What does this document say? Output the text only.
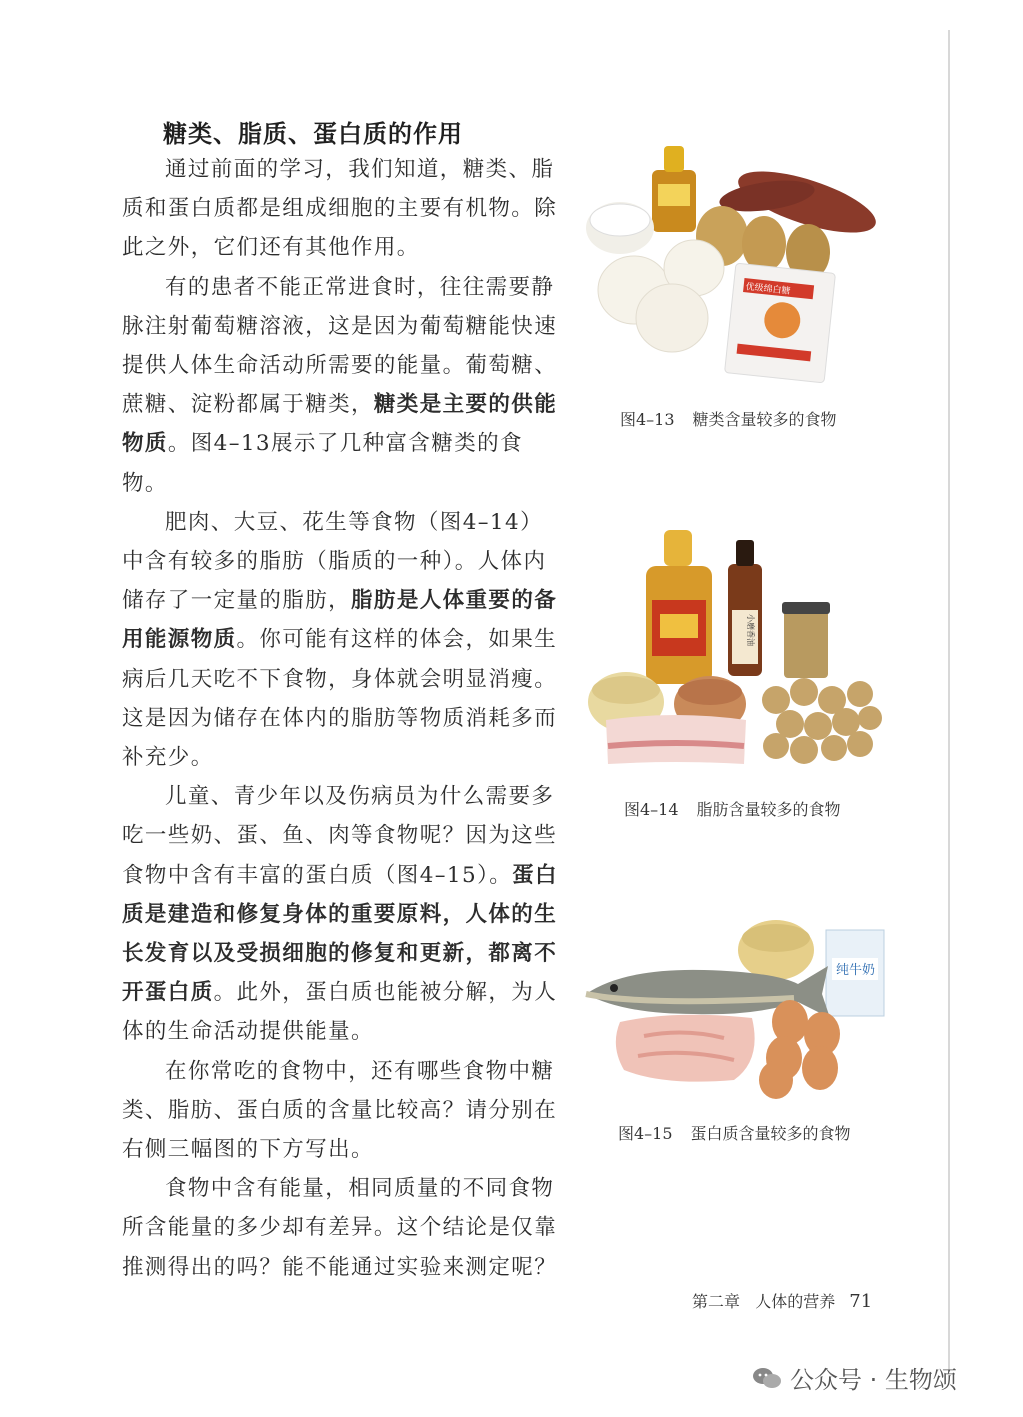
糖类、脂质、蛋白质的作用

通过前面的学习，我们知道，糖类、脂质和蛋白质都是组成细胞的主要有机物。除此之外，它们还有其他作用。

有的患者不能正常进食时，往往需要静脉注射葡萄糖溶液，这是因为葡萄糖能快速提供人体生命活动所需要的能量。葡萄糖、蔗糖、淀粉都属于糖类，糖类是主要的供能物质。图4–13展示了几种富含糖类的食物。

肥肉、大豆、花生等食物（图4–14）中含有较多的脂肪（脂质的一种）。人体内储存了一定量的脂肪，脂肪是人体重要的备用能源物质。你可能有这样的体会，如果生病后几天吃不下食物，身体就会明显消瘦。这是因为储存在体内的脂肪等物质消耗多而补充少。

儿童、青少年以及伤病员为什么需要多吃一些奶、蛋、鱼、肉等食物呢？因为这些食物中含有丰富的蛋白质（图4–15）。蛋白质是建造和修复身体的重要原料，人体的生长发育以及受损细胞的修复和更新，都离不开蛋白质。此外，蛋白质也能被分解，为人体的生命活动提供能量。

在你常吃的食物中，还有哪些食物中糖类、脂肪、蛋白质的含量比较高？请分别在右侧三幅图的下方写出。

食物中含有能量，相同质量的不同食物所含能量的多少却有差异。这个结论是仅靠推测得出的吗？能不能通过实验来测定呢？

优级绵白糖
图4–13 糖类含量较多的食物
小磨香油
图4–14 脂肪含量较多的食物
纯牛奶
图4–15 蛋白质含量较多的食物
第二章 人体的营养 71
公众号 · 生物颂
